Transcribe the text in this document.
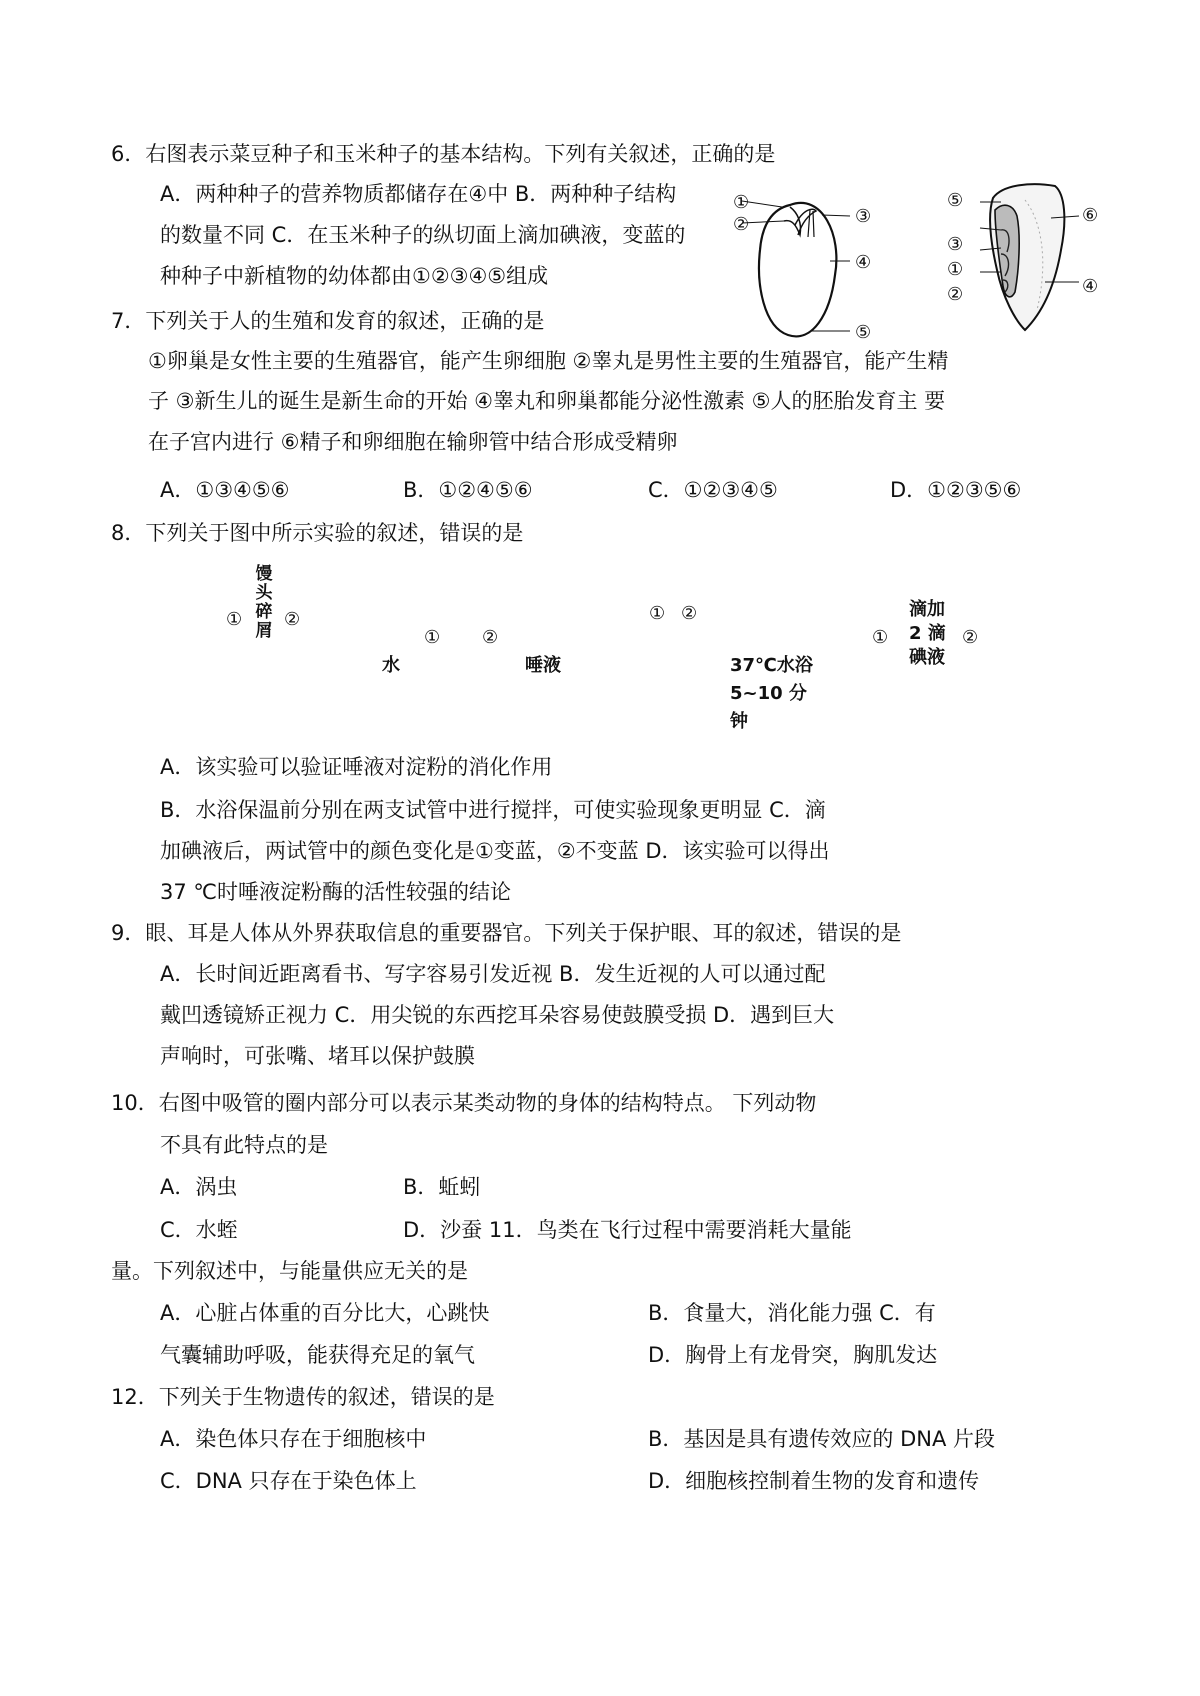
6．右图表示菜豆种子和玉米种子的基本结构。下列有关叙述，正确的是
A．两种种子的营养物质都储存在④中 B．两种种子结构
的数量不同 C．在玉米种子的纵切面上滴加碘液，变蓝的
种种子中新植物的幼体都由①②③④⑤组成
①
②	③
④
⑤
⑤
⑥
③
①
②	④
7．下列关于人的生殖和发育的叙述，正确的是
①卵巢是女性主要的生殖器官，能产生卵细胞 ②睾丸是男性主要的生殖器官，能产生精
子 ③新生儿的诞生是新生命的开始 ④睾丸和卵巢都能分泌性激素 ⑤人的胚胎发育主 要
在子宫内进行 ⑥精子和卵细胞在输卵管中结合形成受精卵
A．①③④⑤⑥	B．①②④⑤⑥	C．①②③④⑤	D．①②③⑤⑥
8．下列关于图中所示实验的叙述，错误的是
馒头碎屑
① ②
① ②
水	唾液
① ②
37℃水浴
5~10 分
钟
滴加
2 滴
碘液
①	②
A．该实验可以验证唾液对淀粉的消化作用
B．水浴保温前分别在两支试管中进行搅拌，可使实验现象更明显 C．滴
加碘液后，两试管中的颜色变化是①变蓝，②不变蓝 D．该实验可以得出
37 ℃时唾液淀粉酶的活性较强的结论
9．眼、耳是人体从外界获取信息的重要器官。下列关于保护眼、耳的叙述，错误的是
A．长时间近距离看书、写字容易引发近视 B．发生近视的人可以通过配
戴凹透镜矫正视力 C．用尖锐的东西挖耳朵容易使鼓膜受损 D．遇到巨大
声响时，可张嘴、堵耳以保护鼓膜
10．右图中吸管的圈内部分可以表示某类动物的身体的结构特点。 下列动物
不具有此特点的是
A．涡虫	B．蚯蚓
C．水蛭	D．沙蚕 11．鸟类在飞行过程中需要消耗大量能
量。下列叙述中，与能量供应无关的是
A．心脏占体重的百分比大，心跳快	B．食量大，消化能力强 C．有
气囊辅助呼吸，能获得充足的氧气	D．胸骨上有龙骨突，胸肌发达
12．下列关于生物遗传的叙述，错误的是
A．染色体只存在于细胞核中	B．基因是具有遗传效应的 DNA 片段
C．DNA 只存在于染色体上	D．细胞核控制着生物的发育和遗传
